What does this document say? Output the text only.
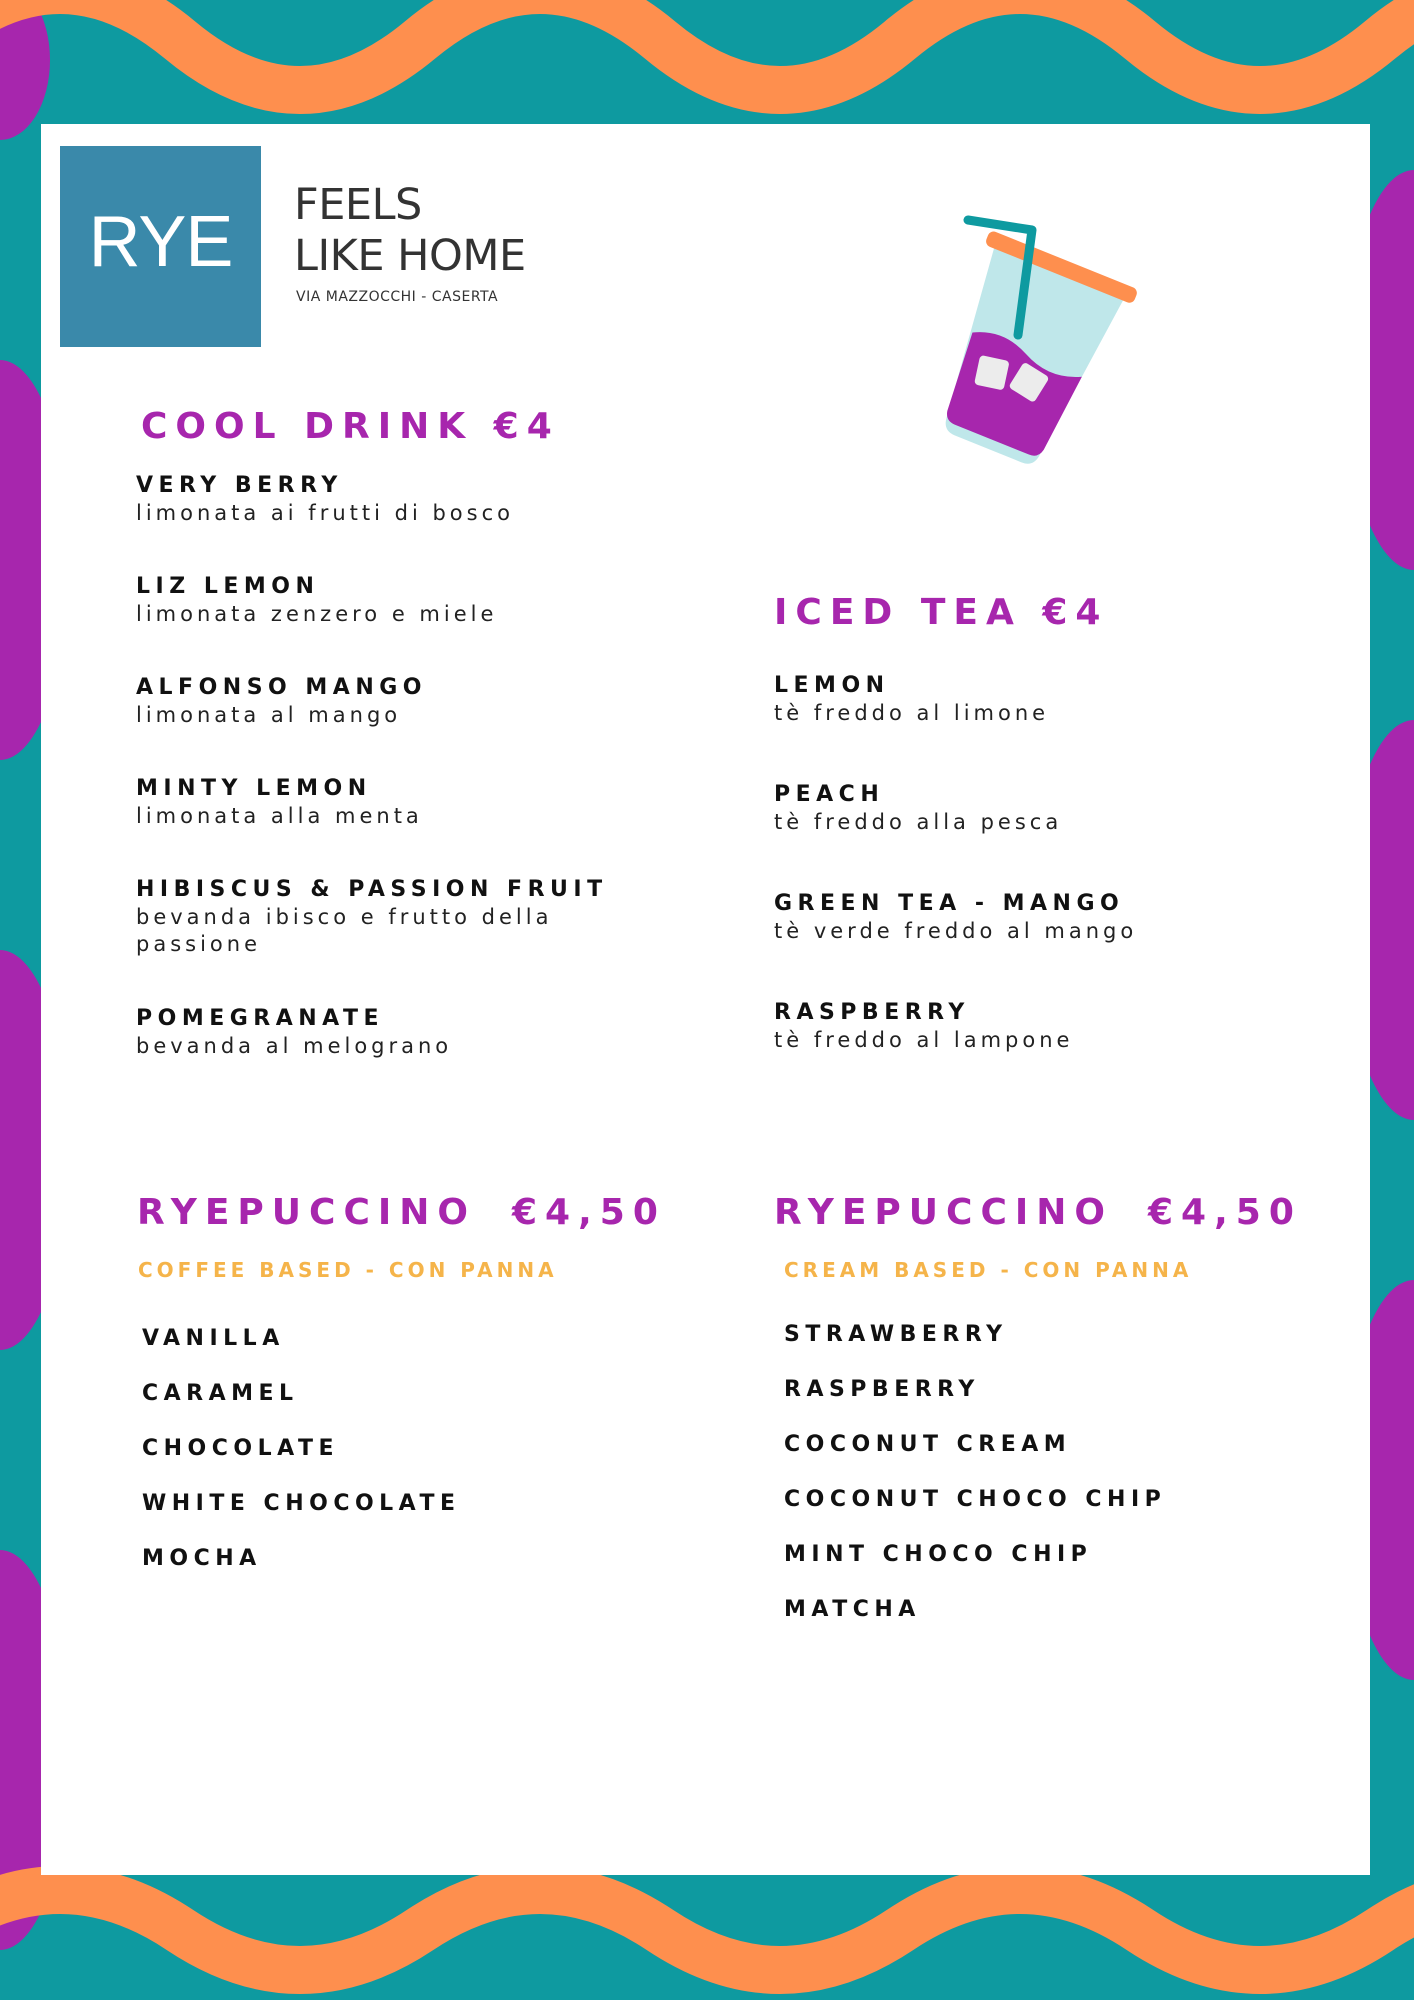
RYE FEELS
LIKE HOME
VIA MAZZOCCHI - CASERTA
COOL DRINK €4
VERY BERRY
limonata ai frutti di bosco
LIZ LEMON
limonata zenzero e miele
ALFONSO MANGO
limonata al mango
MINTY LEMON
limonata alla menta
HIBISCUS & PASSION FRUIT
bevanda ibisco e frutto della passione
POMEGRANATE
bevanda al melograno
ICED TEA €4
LEMON
tè freddo al limone
PEACH
tè freddo alla pesca
GREEN TEA - MANGO
tè verde freddo al mango
RASPBERRY
tè freddo al lampone
RYEPUCCINO €4,50
COFFEE BASED - CON PANNA
VANILLA
CARAMEL
CHOCOLATE
WHITE CHOCOLATE
MOCHA
RYEPUCCINO €4,50
CREAM BASED - CON PANNA
STRAWBERRY
RASPBERRY
COCONUT CREAM
COCONUT CHOCO CHIP
MINT CHOCO CHIP
MATCHA
